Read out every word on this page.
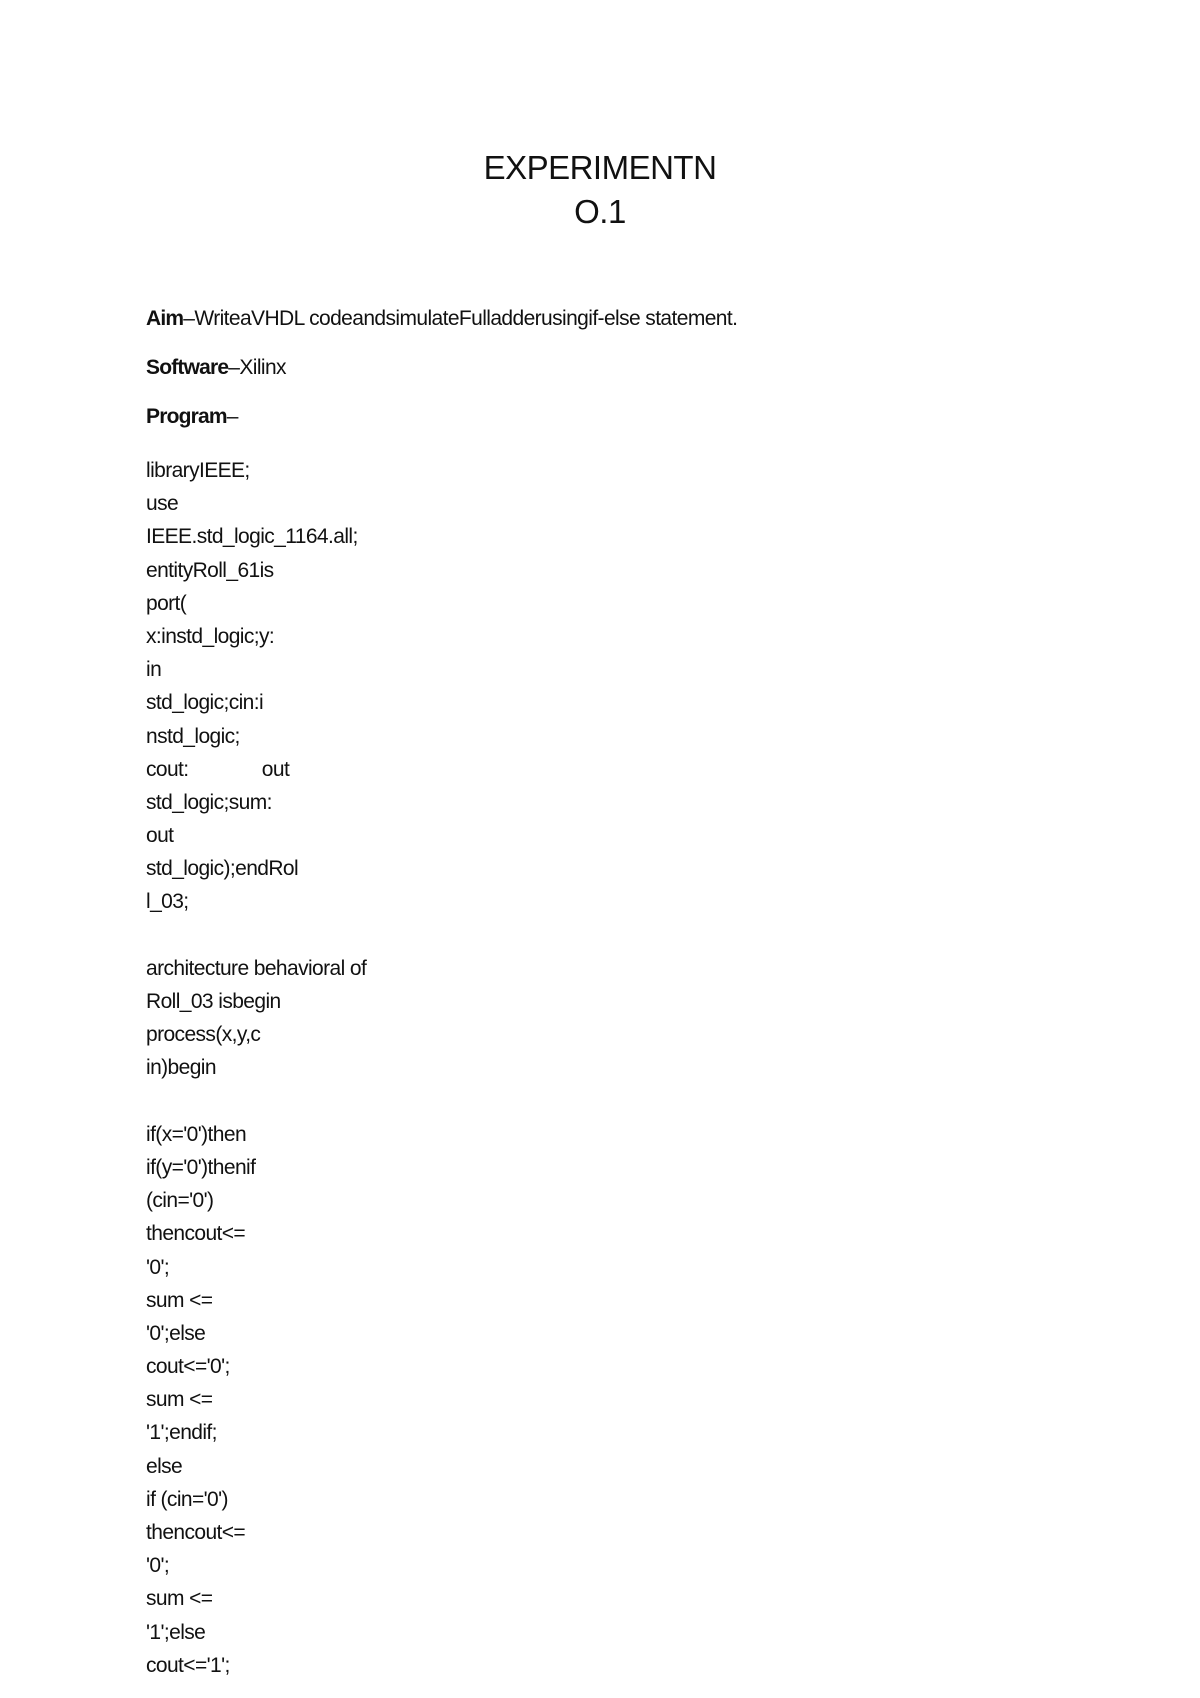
EXPERIMENTN
O.1
Aim–WriteaVHDL codeandsimulateFulladderusingif-else statement.
Software–Xilinx
Program–
libraryIEEE;
use
IEEE.std_logic_1164.all;
entityRoll_61is
port(
x:instd_logic;y:
in
std_logic;cin:i
nstd_logic;
cout:              out
std_logic;sum:
out
std_logic);endRol
l_03;
architecture behavioral of
Roll_03 isbegin
process(x,y,c
in)begin
if(x='0')then
if(y='0')thenif
(cin='0')
thencout<=
'0';
sum <=
'0';else
cout<='0';
sum <=
'1';endif;
else
if (cin='0')
thencout<=
'0';
sum <=
'1';else
cout<='1';
